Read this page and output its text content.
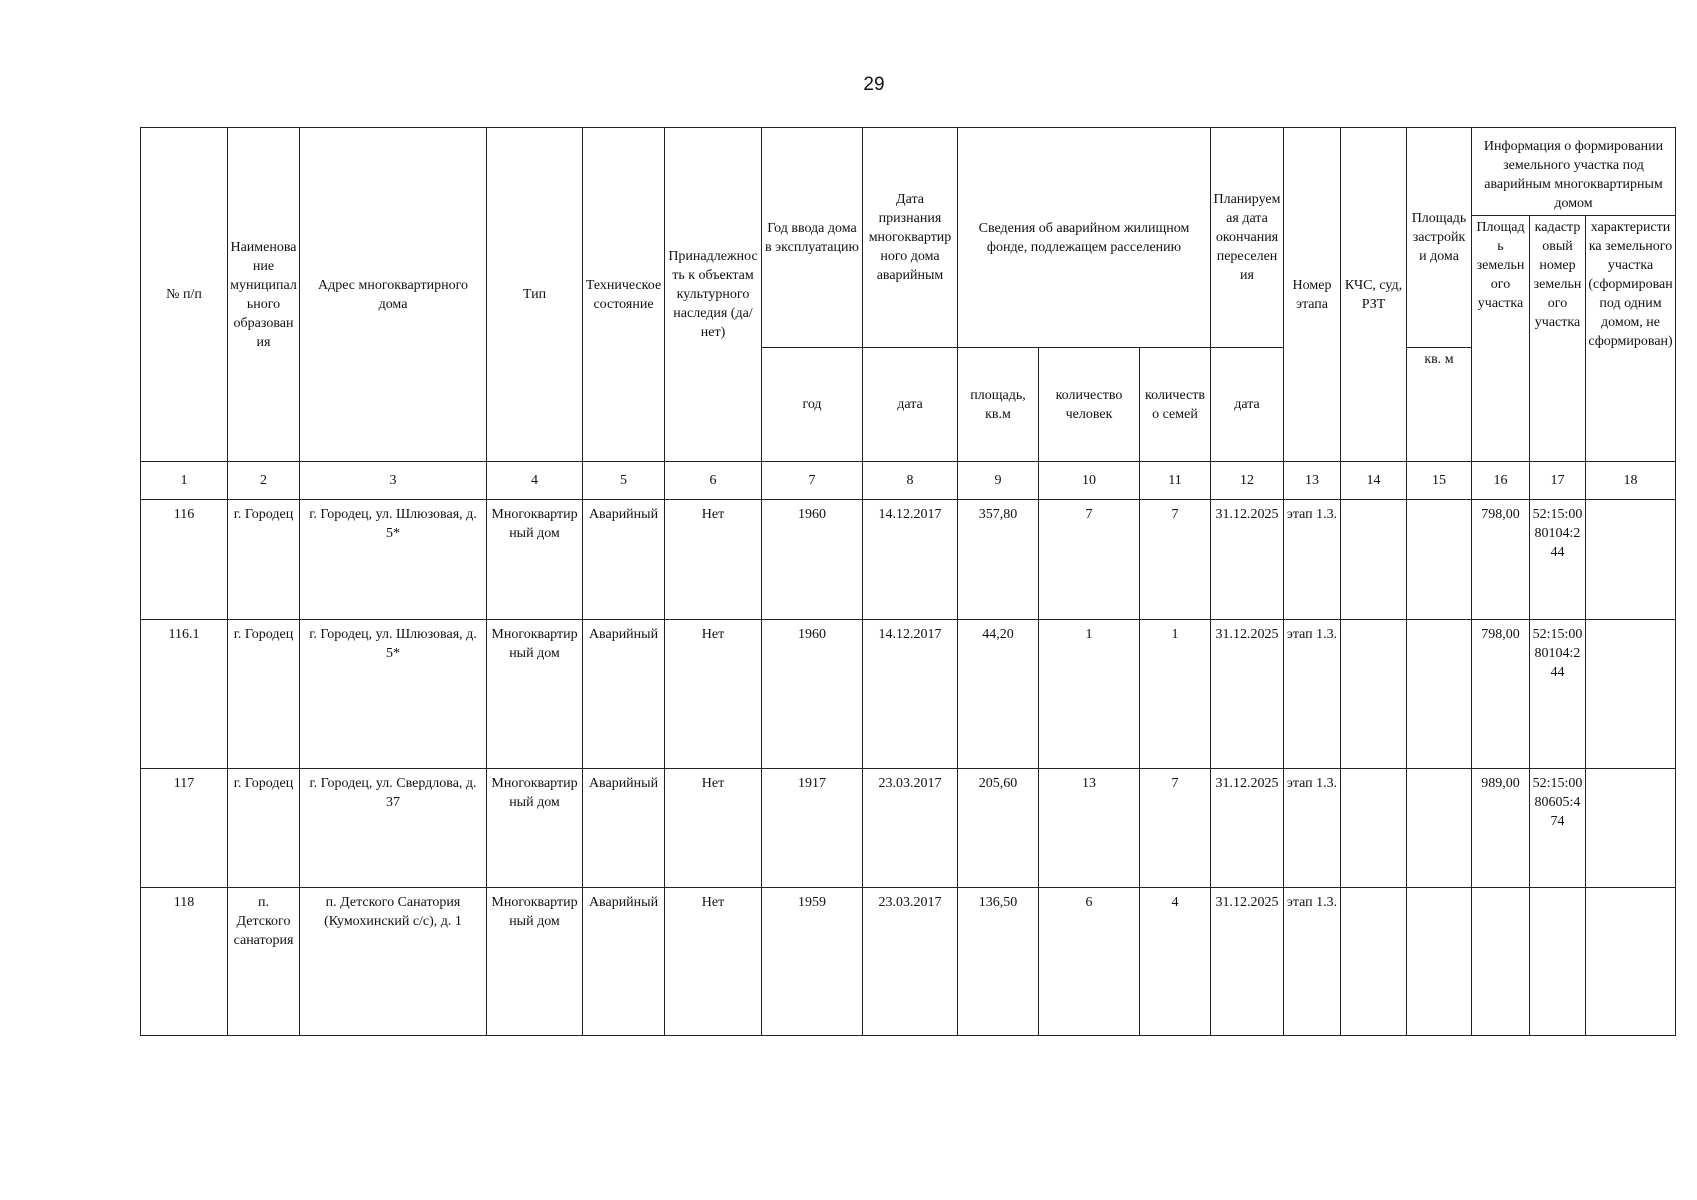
29
№ п/п	Наименование муниципального образования	Адрес многоквартирного дома	Тип	Техническое состояние	Принадлежность к объектам культурного наследия (да/нет)	Год ввода дома в эксплуатацию	Дата признания многоквартирного дома аварийным	Сведения об аварийном жилищном фонде, подлежащем расселению			Планируемая дата окончания переселения	Номер этапа	КЧС, суд, РЗТ	Площадь застройки дома	Информация о формировании земельного участка под аварийным многоквартирным домом		
															Площадь земельного участка	кадастровый номер земельного участка	характеристика земельного участка (сформирован под одним домом, не сформирован)
						год	дата	площадь, кв.м	количество человек	количество семей	дата			кв. м			
1	2	3	4	5	6	7	8	9	10	11	12	13	14	15	16	17	18
116	г. Городец	г. Городец, ул. Шлюзовая, д. 5*	Многоквартирный дом	Аварийный	Нет	1960	14.12.2017	357,80	7	7	31.12.2025	этап 1.3.			798,00	52:15:0080104:244	
116.1	г. Городец	г. Городец, ул. Шлюзовая, д. 5*	Многоквартирный дом	Аварийный	Нет	1960	14.12.2017	44,20	1	1	31.12.2025	этап 1.3.			798,00	52:15:0080104:244	
117	г. Городец	г. Городец, ул. Свердлова, д. 37	Многоквартирный дом	Аварийный	Нет	1917	23.03.2017	205,60	13	7	31.12.2025	этап 1.3.			989,00	52:15:0080605:474	
118	п. Детского санатория	п. Детского Санатория (Кумохинский с/с), д. 1	Многоквартирный дом	Аварийный	Нет	1959	23.03.2017	136,50	6	4	31.12.2025	этап 1.3.					
